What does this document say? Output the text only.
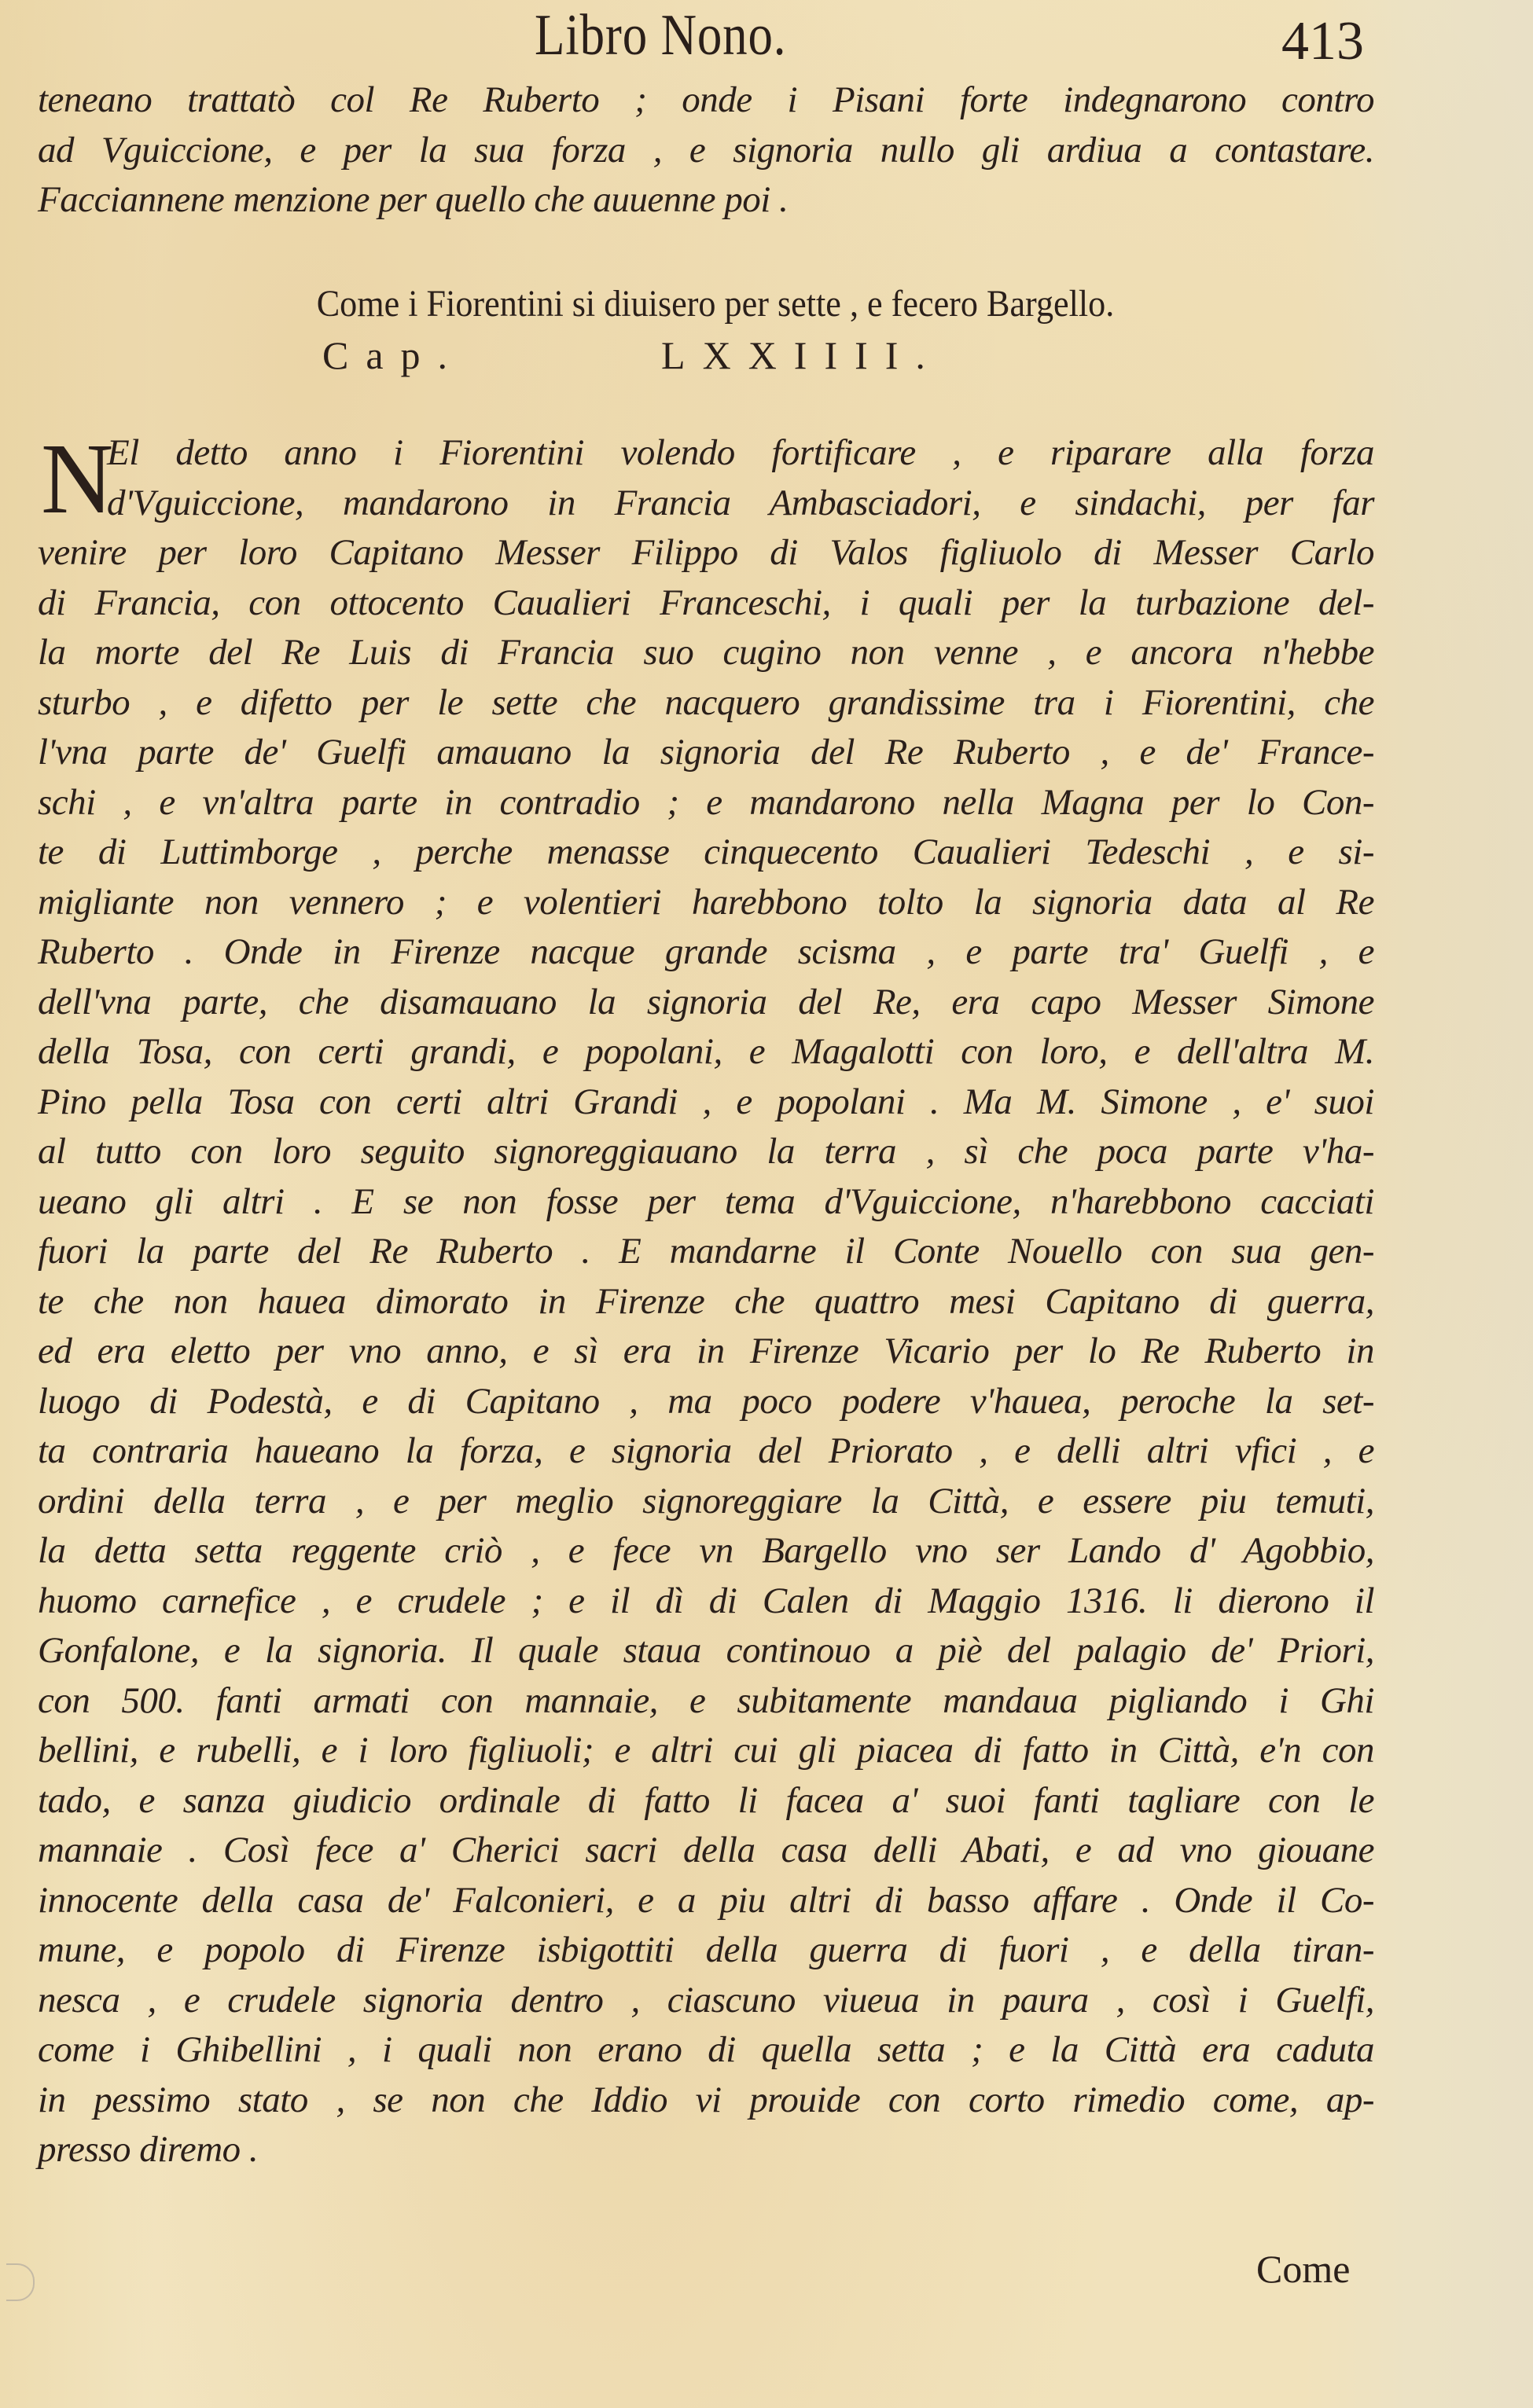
Libro Nono.	413
teneano trattatò col Re Ruberto ; onde i Pisani forte indegnarono contro
ad Vguiccione, e per la sua forza , e signoria nullo gli ardiua a contastare.
Facciannene menzione per quello che auuenne poi .
Come i Fiorentini si diuisero per sette , e fecero Bargello.
Cap.	LXXIIII.
N
El detto anno i Fiorentini volendo fortificare , e riparare alla forza
d'Vguiccione, mandarono in Francia Ambasciadori, e sindachi, per far
venire per loro Capitano Messer Filippo di Valos figliuolo di Messer Carlo
di Francia, con ottocento Caualieri Franceschi, i quali per la turbazione del-
la morte del Re Luis di Francia suo cugino non venne , e ancora n'hebbe
sturbo , e difetto per le sette che nacquero grandissime tra i Fiorentini, che
l'vna parte de' Guelfi amauano la signoria del Re Ruberto , e de' France-
schi , e vn'altra parte in contradio ; e mandarono nella Magna per lo Con-
te di Luttimborge , perche menasse cinquecento Caualieri Tedeschi , e si-
migliante non vennero ; e volentieri harebbono tolto la signoria data al Re
Ruberto . Onde in Firenze nacque grande scisma , e parte tra' Guelfi , e
dell'vna parte, che disamauano la signoria del Re, era capo Messer Simone
della Tosa, con certi grandi, e popolani, e Magalotti con loro, e dell'altra M.
Pino pella Tosa con certi altri Grandi , e popolani . Ma M. Simone , e' suoi
al tutto con loro seguito signoreggiauano la terra , sì che poca parte v'ha-
ueano gli altri . E se non fosse per tema d'Vguiccione, n'harebbono cacciati
fuori la parte del Re Ruberto . E mandarne il Conte Nouello con sua gen-
te che non hauea dimorato in Firenze che quattro mesi Capitano di guerra,
ed era eletto per vno anno, e sì era in Firenze Vicario per lo Re Ruberto in
luogo di Podestà, e di Capitano , ma poco podere v'hauea, peroche la set-
ta contraria haueano la forza, e signoria del Priorato , e delli altri vfici , e
ordini della terra , e per meglio signoreggiare la Città, e essere piu temuti,
la detta setta reggente criò , e fece vn Bargello vno ser Lando d' Agobbio,
huomo carnefice , e crudele ; e il dì di Calen di Maggio 1316. li dierono il
Gonfalone, e la signoria. Il quale staua continouo a piè del palagio de' Priori,
con 500. fanti armati con mannaie, e subitamente mandaua pigliando i Ghi
bellini, e rubelli, e i loro figliuoli; e altri cui gli piacea di fatto in Città, e'n con
tado, e sanza giudicio ordinale di fatto li facea a' suoi fanti tagliare con le
mannaie . Così fece a' Cherici sacri della casa delli Abati, e ad vno giouane
innocente della casa de' Falconieri, e a piu altri di basso affare . Onde il Co-
mune, e popolo di Firenze isbigottiti della guerra di fuori , e della tiran-
nesca , e crudele signoria dentro , ciascuno viueua in paura , così i Guelfi,
come i Ghibellini , i quali non erano di quella setta ; e la Città era caduta
in pessimo stato , se non che Iddio vi prouide con corto rimedio come, ap-
presso diremo .
Come
